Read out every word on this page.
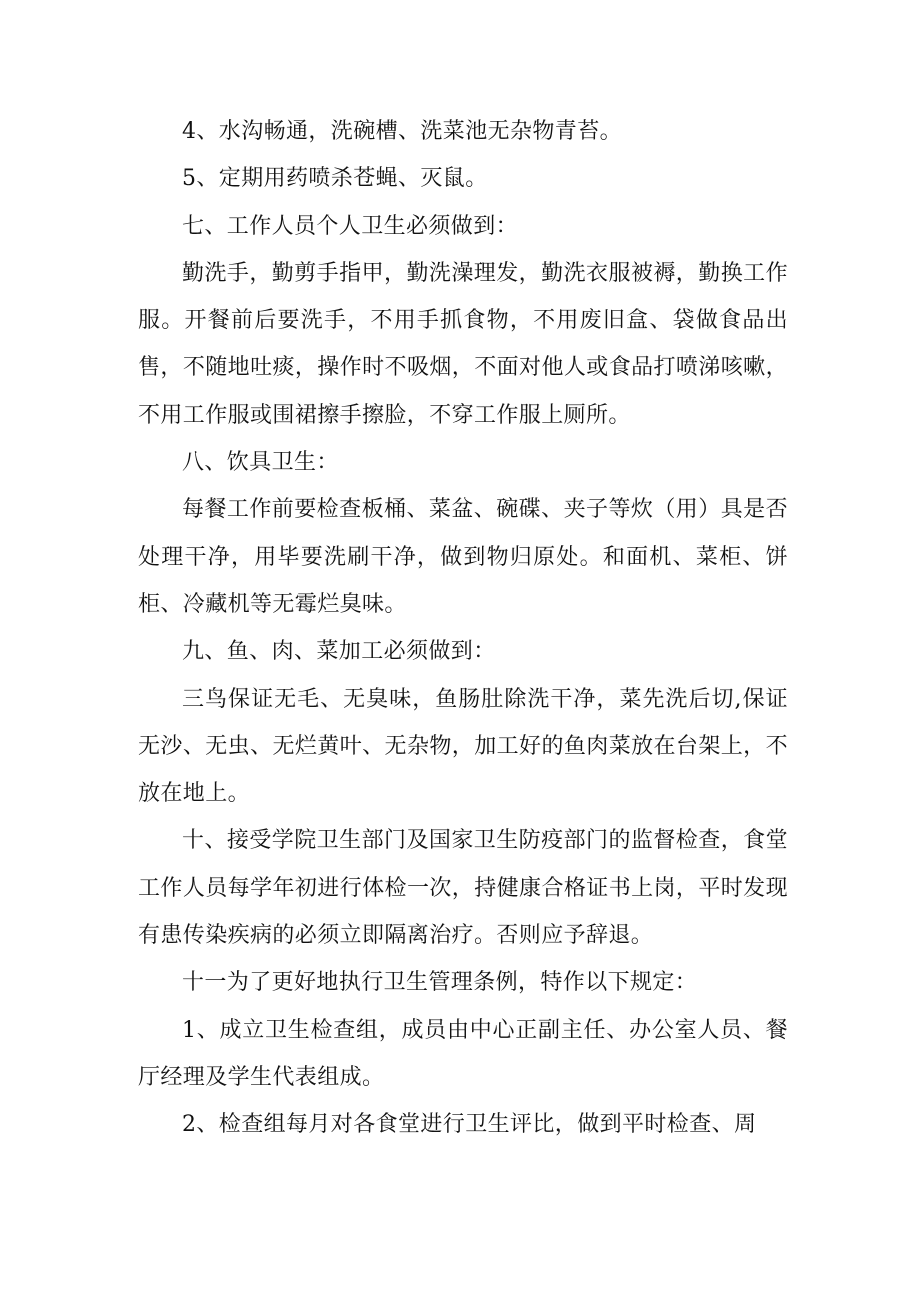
4、水沟畅通，洗碗槽、洗菜池无杂物青苔。

5、定期用药喷杀苍蝇、灭鼠。

七、工作人员个人卫生必须做到：

勤洗手，勤剪手指甲，勤洗澡理发，勤洗衣服被褥，勤换工作服。开餐前后要洗手，不用手抓食物，不用废旧盒、袋做食品出售，不随地吐痰，操作时不吸烟，不面对他人或食品打喷涕咳嗽，不用工作服或围裙擦手擦脸，不穿工作服上厕所。

八、饮具卫生：

每餐工作前要检查板桶、菜盆、碗碟、夹子等炊（用）具是否处理干净，用毕要洗刷干净，做到物归原处。和面机、菜柜、饼柜、冷藏机等无霉烂臭味。

九、鱼、肉、菜加工必须做到：

三鸟保证无毛、无臭味，鱼肠肚除洗干净，菜先洗后切,保证无沙、无虫、无烂黄叶、无杂物，加工好的鱼肉菜放在台架上，不放在地上。

十、接受学院卫生部门及国家卫生防疫部门的监督检查，食堂工作人员每学年初进行体检一次，持健康合格证书上岗，平时发现有患传染疾病的必须立即隔离治疗。否则应予辞退。

十一为了更好地执行卫生管理条例，特作以下规定：

1、成立卫生检查组，成员由中心正副主任、办公室人员、餐厅经理及学生代表组成。

2、检查组每月对各食堂进行卫生评比，做到平时检查、周
